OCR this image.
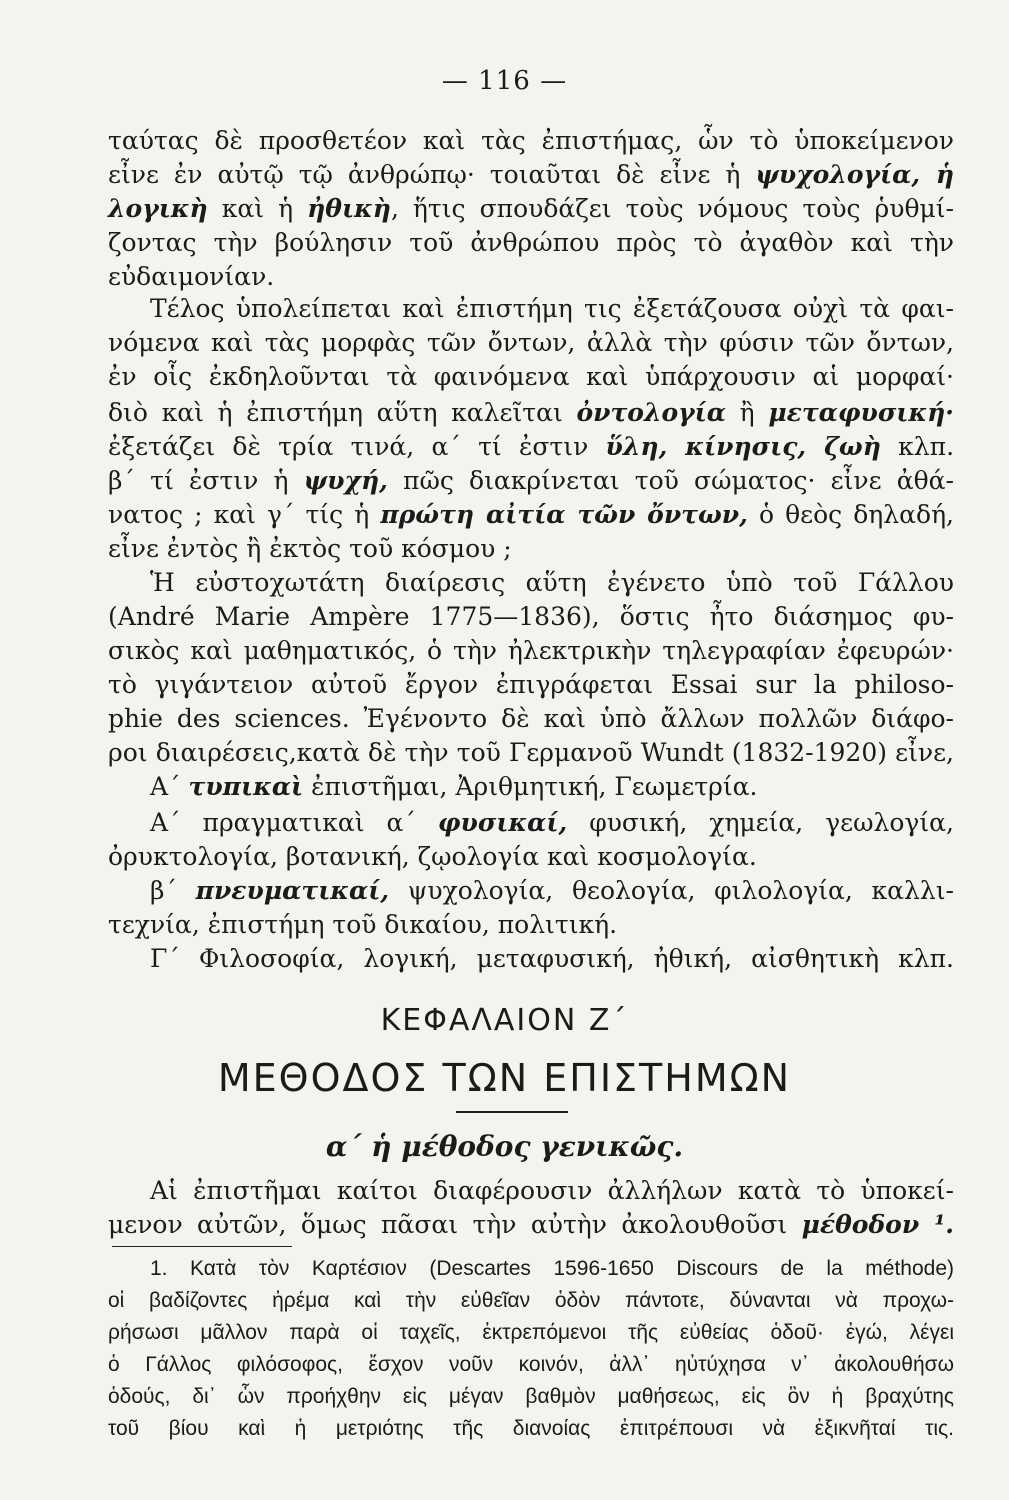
— 116 —
ταύτας δὲ προσθετέον καὶ τὰς ἐπιστήμας, ὧν τὸ ὑποκείμενον
εἶνε ἐν αὐτῷ τῷ ἀνθρώπῳ· τοιαῦται δὲ εἶνε ἡ ψυχολογία, ἡ
λογικὴ καὶ ἡ ἠθικὴ, ἥτις σπουδάζει τοὺς νόμους τοὺς ῥυθμί-
ζοντας τὴν βούλησιν τοῦ ἀνθρώπου πρὸς τὸ ἀγαθὸν καὶ τὴν
εὐδαιμονίαν.
Τέλος ὑπολείπεται καὶ ἐπιστήμη τις ἐξετάζουσα οὐχὶ τὰ φαι-
νόμενα καὶ τὰς μορφὰς τῶν ὄντων, ἀλλὰ τὴν φύσιν τῶν ὄντων,
ἐν οἷς ἐκδηλοῦνται τὰ φαινόμενα καὶ ὑπάρχουσιν αἱ μορφαί·
διὸ καὶ ἡ ἐπιστήμη αὕτη καλεῖται ὀντολογία ἢ μεταφυσική·
ἐξετάζει δὲ τρία τινά, α΄ τί ἐστιν ὕλη, κίνησις, ζωὴ κλπ.
β΄ τί ἐστιν ἡ ψυχή, πῶς διακρίνεται τοῦ σώματος· εἶνε ἀθά-
νατος ; καὶ γ΄ τίς ἡ πρώτη αἰτία τῶν ὄντων, ὁ θεὸς δηλαδή,
εἶνε ἐντὸς ἢ ἐκτὸς τοῦ κόσμου ;
Ἡ εὐστοχωτάτη διαίρεσις αὕτη ἐγένετο ὑπὸ τοῦ Γάλλου
(André Marie Ampère 1775—1836), ὅστις ἦτο διάσημος φυ-
σικὸς καὶ μαθηματικός, ὁ τὴν ἠλεκτρικὴν τηλεγραφίαν ἐφευρών·
τὸ γιγάντειον αὐτοῦ ἔργον ἐπιγράφεται Essai sur la philoso-
phie des sciences. Ἐγένοντο δὲ καὶ ὑπὸ ἄλλων πολλῶν διάφο-
ροι διαιρέσεις,κατὰ δὲ τὴν τοῦ Γερμανοῦ Wundt (1832-1920) εἶνε,
Α΄ τυπικαὶ ἐπιστῆμαι, Ἀριθμητική, Γεωμετρία.
Α΄ πραγματικαὶ α΄ φυσικαί, φυσική, χημεία, γεωλογία,
ὀρυκτολογία, βοτανική, ζῳολογία καὶ κοσμολογία.
β΄ πνευματικαί, ψυχολογία, θεολογία, φιλολογία, καλλι-
τεχνία, ἐπιστήμη τοῦ δικαίου, πολιτική.
Γ΄ Φιλοσοφία, λογική, μεταφυσική, ἠθική, αἰσθητικὴ κλπ.
ΚΕΦΑΛΑΙΟΝ Ζ΄
ΜΕΘΟΔΟΣ ΤΩΝ ΕΠΙΣΤΗΜΩΝ
α΄ ἡ μέθοδος γενικῶς.
Αἱ ἐπιστῆμαι καίτοι διαφέρουσιν ἀλλήλων κατὰ τὸ ὑποκεί-
μενον αὐτῶν, ὅμως πᾶσαι τὴν αὐτὴν ἀκολουθοῦσι μέθοδον ¹.
1. Κατὰ τὸν Καρτέσιον (Descartes 1596-1650 Discours de la méthode)
οἱ βαδίζοντες ἠρέμα καὶ τὴν εὐθεῖαν ὁδὸν πάντοτε, δύνανται νὰ προχω-
ρήσωσι μᾶλλον παρὰ οἱ ταχεῖς, ἐκτρεπόμενοι τῆς εὐθείας ὁδοῦ· ἐγώ, λέγει
ὁ Γάλλος φιλόσοφος, ἔσχον νοῦν κοινόν, ἀλλ᾽ ηὐτύχησα ν᾽ ἀκολουθήσω
ὁδούς, δι᾽ ὧν προήχθην εἰς μέγαν βαθμὸν μαθήσεως, εἰς ὃν ἡ βραχύτης
τοῦ βίου καὶ ἡ μετριότης τῆς διανοίας ἐπιτρέπουσι νὰ ἐξικνῆταί τις.
